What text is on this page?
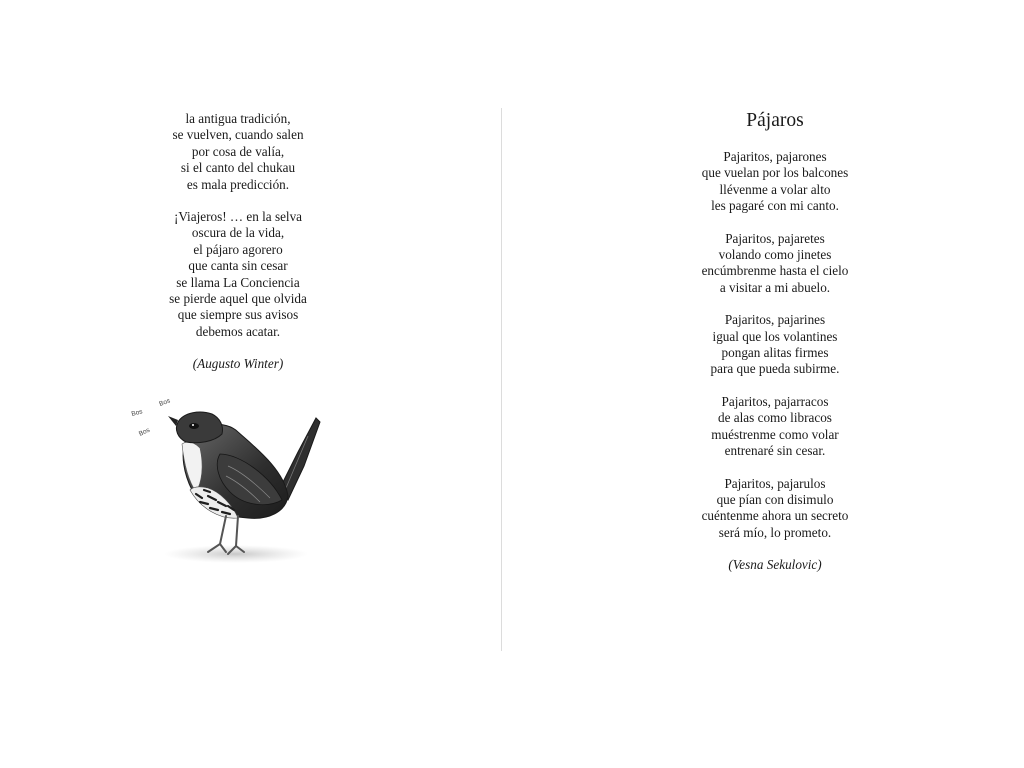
la antigua tradición,
se vuelven, cuando salen
por cosa de valía,
si el canto del chukau
es mala predicción.
¡Viajeros! … en la selva
oscura de la vida,
el pájaro agorero
que canta sin cesar
se llama La Conciencia
se pierde aquel que olvida
que siempre sus avisos
debemos acatar.
(Augusto Winter)
Bos
Bos
Bos
Pájaros
Pajaritos, pajarones
que vuelan por los balcones
llévenme a volar alto
les pagaré con mi canto.
Pajaritos, pajaretes
volando como jinetes
encúmbrenme hasta el cielo
a visitar a mi abuelo.
Pajaritos, pajarines
igual que los volantines
pongan alitas firmes
para que pueda subirme.
Pajaritos, pajarracos
de alas como libracos
muéstrenme como volar
entrenaré sin cesar.
Pajaritos, pajarulos
que pían con disimulo
cuéntenme ahora un secreto
será mío, lo prometo.
(Vesna Sekulovic)
